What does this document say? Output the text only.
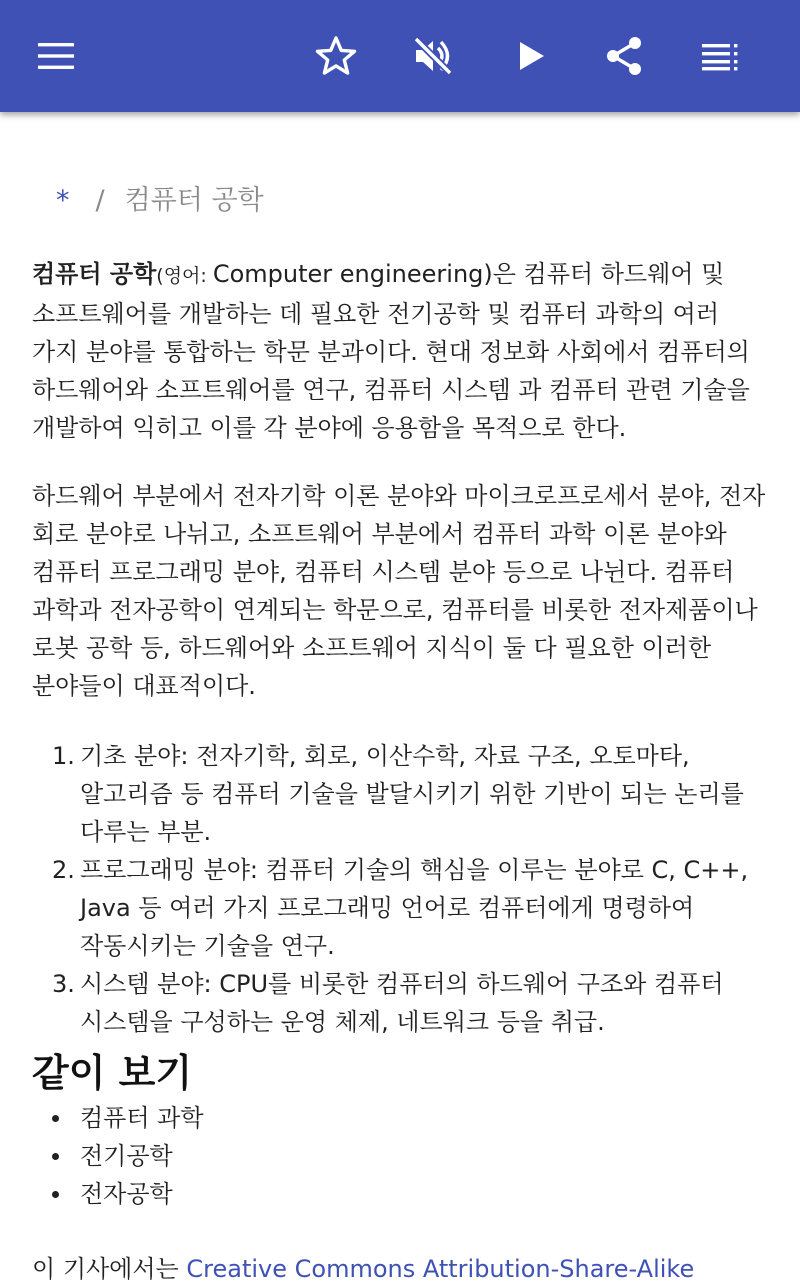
* / 컴퓨터 공학

컴퓨터 공학(영어: Computer engineering)은 컴퓨터 하드웨어 및 소프트웨어를 개발하는 데 필요한 전기공학 및 컴퓨터 과학의 여러 가지 분야를 통합하는 학문 분과이다. 현대 정보화 사회에서 컴퓨터의 하드웨어와 소프트웨어를 연구, 컴퓨터 시스템 과 컴퓨터 관련 기술을 개발하여 익히고 이를 각 분야에 응용함을 목적으로 한다.

하드웨어 부분에서 전자기학 이론 분야와 마이크로프로세서 분야, 전자 회로 분야로 나뉘고, 소프트웨어 부분에서 컴퓨터 과학 이론 분야와 컴퓨터 프로그래밍 분야, 컴퓨터 시스템 분야 등으로 나뉜다. 컴퓨터 과학과 전자공학이 연계되는 학문으로, 컴퓨터를 비롯한 전자제품이나 로봇 공학 등, 하드웨어와 소프트웨어 지식이 둘 다 필요한 이러한 분야들이 대표적이다.

1. 기초 분야: 전자기학, 회로, 이산수학, 자료 구조, 오토마타, 알고리즘 등 컴퓨터 기술을 발달시키기 위한 기반이 되는 논리를 다루는 부분.
2. 프로그래밍 분야: 컴퓨터 기술의 핵심을 이루는 분야로 C, C++, Java 등 여러 가지 프로그래밍 언어로 컴퓨터에게 명령하여 작동시키는 기술을 연구.
3. 시스템 분야: CPU를 비롯한 컴퓨터의 하드웨어 구조와 컴퓨터 시스템을 구성하는 운영 체제, 네트워크 등을 취급.
같이 보기
컴퓨터 과학
전기공학
전자공학
이 기사에서는 Creative Commons Attribution-Share-Alike
